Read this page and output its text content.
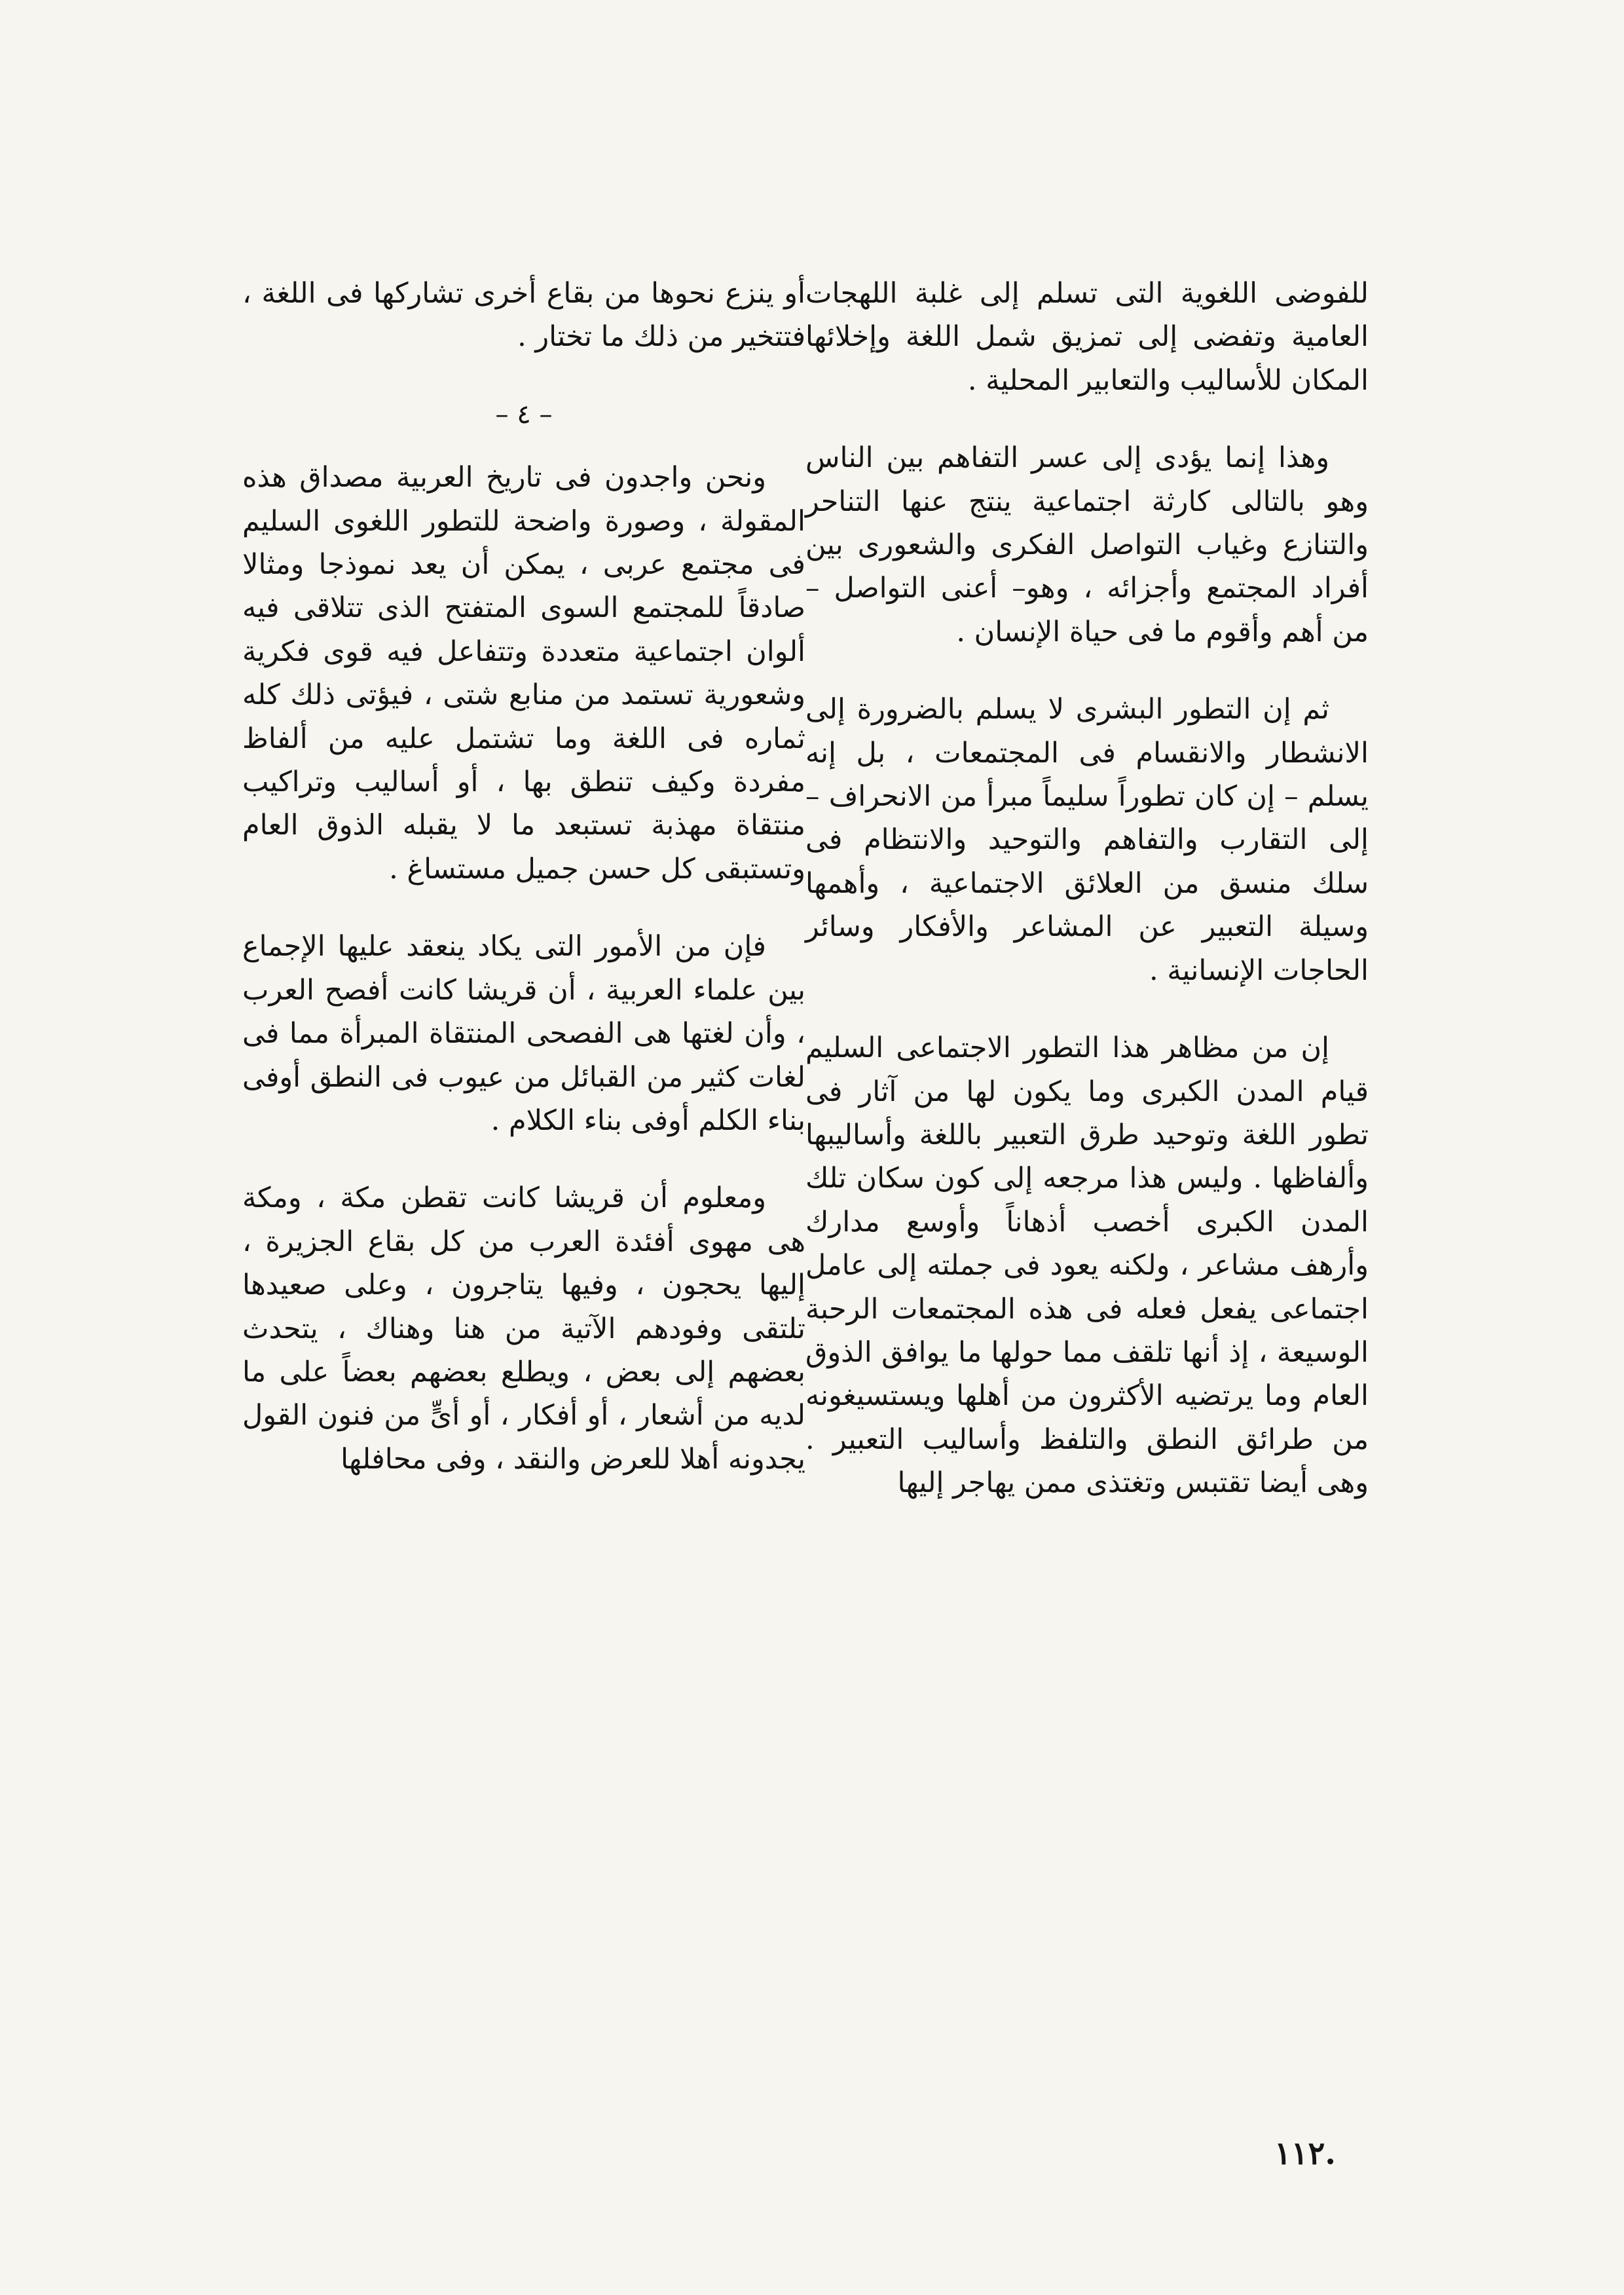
للفوضى اللغوية التى تسلم إلى غلبة اللهجات العامية وتفضى إلى تمزيق شمل اللغة وإخلائها المكان للأساليب والتعابير المحلية .

وهذا إنما يؤدى إلى عسر التفاهم بين الناس وهو بالتالى كارثة اجتماعية ينتج عنها التناحر والتنازع وغياب التواصل الفكرى والشعورى بين أفراد المجتمع وأجزائه ، وهو– أعنى التواصل – من أهم وأقوم ما فى حياة الإنسان .

ثم إن التطور البشرى لا يسلم بالضرورة إلى الانشطار والانقسام فى المجتمعات ، بل إنه يسلم – إن كان تطوراً سليماً مبرأ من الانحراف – إلى التقارب والتفاهم والتوحيد والانتظام فى سلك منسق من العلائق الاجتماعية ، وأهمها وسيلة التعبير عن المشاعر والأفكار وسائر الحاجات الإنسانية .

إن من مظاهر هذا التطور الاجتماعى السليم قيام المدن الكبرى وما يكون لها من آثار فى تطور اللغة وتوحيد طرق التعبير باللغة وأساليبها وألفاظها . وليس هذا مرجعه إلى كون سكان تلك المدن الكبرى أخصب أذهاناً وأوسع مدارك وأرهف مشاعر ، ولكنه يعود فى جملته إلى عامل اجتماعى يفعل فعله فى هذه المجتمعات الرحبة الوسيعة ، إذ أنها تلقف مما حولها ما يوافق الذوق العام وما يرتضيه الأكثرون من أهلها ويستسيغونه من طرائق النطق والتلفظ وأساليب التعبير . وهى أيضا تقتبس وتغتذى ممن يهاجر إليها

أو ينزع نحوها من بقاع أخرى تشاركها فى اللغة ، فتتخير من ذلك ما تختار .

– ٤ –

ونحن واجدون فى تاريخ العربية مصداق هذه المقولة ، وصورة واضحة للتطور اللغوى السليم فى مجتمع عربى ، يمكن أن يعد نموذجا ومثالا صادقاً للمجتمع السوى المتفتح الذى تتلاقى فيه ألوان اجتماعية متعددة وتتفاعل فيه قوى فكرية وشعورية تستمد من منابع شتى ، فيؤتى ذلك كله ثماره فى اللغة وما تشتمل عليه من ألفاظ مفردة وكيف تنطق بها ، أو أساليب وتراكيب منتقاة مهذبة تستبعد ما لا يقبله الذوق العام وتستبقى كل حسن جميل مستساغ .

فإن من الأمور التى يكاد ينعقد عليها الإجماع بين علماء العربية ، أن قريشا كانت أفصح العرب ، وأن لغتها هى الفصحى المنتقاة المبرأة مما فى لغات كثير من القبائل من عيوب فى النطق أوفى بناء الكلم أوفى بناء الكلام .

ومعلوم أن قريشا كانت تقطن مكة ، ومكة هى مهوى أفئدة العرب من كل بقاع الجزيرة ، إليها يحجون ، وفيها يتاجرون ، وعلى صعيدها تلتقى وفودهم الآتية من هنا وهناك ، يتحدث بعضهم إلى بعض ، ويطلع بعضهم بعضاً على ما لديه من أشعار ، أو أفكار ، أو أىٍّ من فنون القول يجدونه أهلا للعرض والنقد ، وفى محافلها

١١٢.
